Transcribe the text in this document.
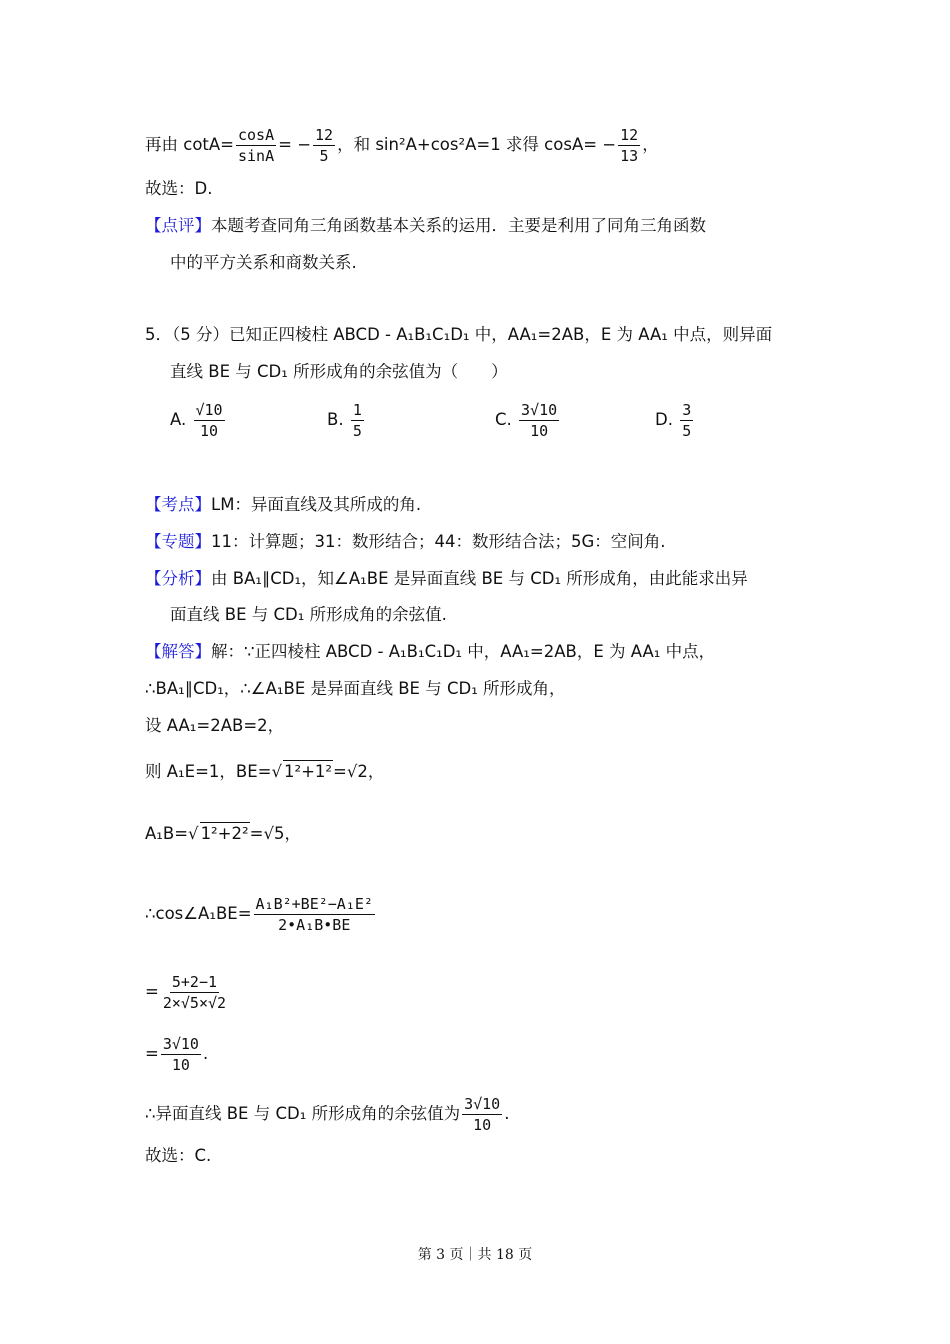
再由 $\cot A= \frac{\cos A}{\sin A}$ = − $\frac{12}{5}$ ，和 sin²A+cos²A=1 求得 $\cos A= - \frac{12}{13}$ ，
故选：D.
【点评】本题考查同角三角函数基本关系的运用．主要是利用了同角三角函数
中的平方关系和商数关系.
5．（5 分）已知正四棱柱 ABCD - A₁B₁C₁D₁ 中，AA₁=2AB，E 为 AA₁ 中点，则异面
直线 BE 与 CD₁ 所形成角的余弦值为（　　）
A. $\frac{√10}{10}$	B. $\frac{1}{5}$	C. $\frac{3√10}{10}$	D. $\frac{3}{5}$
【考点】LM：异面直线及其所成的角.
【专题】11：计算题；31：数形结合；44：数形结合法；5G：空间角.
【分析】由 BA₁∥CD₁，知∠A₁BE 是异面直线 BE 与 CD₁ 所形成角，由此能求出异
面直线 BE 与 CD₁ 所形成角的余弦值.
【解答】解：∵正四棱柱 ABCD - A₁B₁C₁D₁ 中，AA₁=2AB，E 为 AA₁ 中点，
∴BA₁∥CD₁，∴∠A₁BE 是异面直线 BE 与 CD₁ 所形成角，
设 AA₁=2AB=2，
则 A₁E=1，BE=√ 1²+1²=√2，
A₁B=√ 1²+2²=√5，
∴cos∠A₁BE= $\frac{\text{A₁B²+BE²−A₁E²}}{\text{2•A₁B•BE}}$
= $\frac{5+2-1}{2\times√5\times√2}$
= $\frac{3√10}{10}$ .
∴异面直线 BE 与 CD₁ 所形成角的余弦值为 $\frac{3√10}{10}$ .
故选：C.
第 3 页｜共 18 页
